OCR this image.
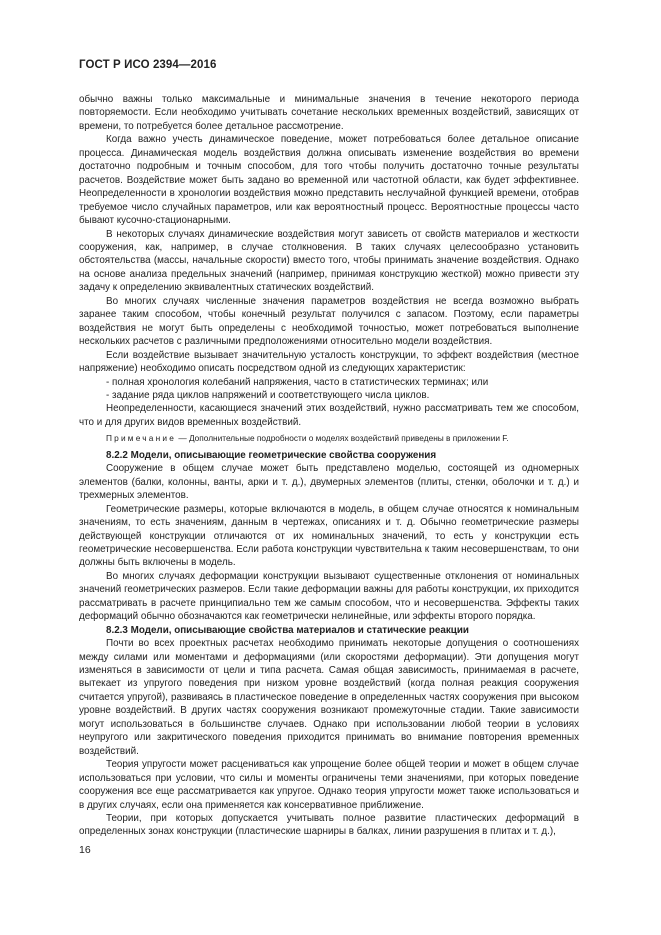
ГОСТ Р ИСО 2394—2016

обычно важны только максимальные и минимальные значения в течение некоторого периода повторяемости. Если необходимо учитывать сочетание нескольких временных воздействий, зависящих от времени, то потребуется более детальное рассмотрение.

Когда важно учесть динамическое поведение, может потребоваться более детальное описание процесса. Динамическая модель воздействия должна описывать изменение воздействия во времени достаточно подробным и точным способом, для того чтобы получить достаточно точные результаты расчетов. Воздействие может быть задано во временной или частотной области, как будет эффективнее. Неопределенности в хронологии воздействия можно представить неслучайной функцией времени, отобрав требуемое число случайных параметров, или как вероятностный процесс. Вероятностные процессы часто бывают кусочно-стационарными.

В некоторых случаях динамические воздействия могут зависеть от свойств материалов и жесткости сооружения, как, например, в случае столкновения. В таких случаях целесообразно установить обстоятельства (массы, начальные скорости) вместо того, чтобы принимать значение воздействия. Однако на основе анализа предельных значений (например, принимая конструкцию жесткой) можно привести эту задачу к определению эквивалентных статических воздействий.

Во многих случаях численные значения параметров воздействия не всегда возможно выбрать заранее таким способом, чтобы конечный результат получился с запасом. Поэтому, если параметры воздействия не могут быть определены с необходимой точностью, может потребоваться выполнение нескольких расчетов с различными предположениями относительно модели воздействия.

Если воздействие вызывает значительную усталость конструкции, то эффект воздействия (местное напряжение) необходимо описать посредством одной из следующих характеристик:

- полная хронология колебаний напряжения, часто в статистических терминах; или

- задание ряда циклов напряжений и соответствующего числа циклов.

Неопределенности, касающиеся значений этих воздействий, нужно рассматривать тем же способом, что и для других видов временных воздействий.

Примечание — Дополнительные подробности о моделях воздействий приведены в приложении F.

8.2.2 Модели, описывающие геометрические свойства сооружения

Сооружение в общем случае может быть представлено моделью, состоящей из одномерных элементов (балки, колонны, ванты, арки и т. д.), двумерных элементов (плиты, стенки, оболочки и т. д.) и трехмерных элементов.

Геометрические размеры, которые включаются в модель, в общем случае относятся к номинальным значениям, то есть значениям, данным в чертежах, описаниях и т. д. Обычно геометрические размеры действующей конструкции отличаются от их номинальных значений, то есть у конструкции есть геометрические несовершенства. Если работа конструкции чувствительна к таким несовершенствам, то они должны быть включены в модель.

Во многих случаях деформации конструкции вызывают существенные отклонения от номинальных значений геометрических размеров. Если такие деформации важны для работы конструкции, их приходится рассматривать в расчете принципиально тем же самым способом, что и несовершенства. Эффекты таких деформаций обычно обозначаются как геометрически нелинейные, или эффекты второго порядка.

8.2.3 Модели, описывающие свойства материалов и статические реакции

Почти во всех проектных расчетах необходимо принимать некоторые допущения о соотношениях между силами или моментами и деформациями (или скоростями деформации). Эти допущения могут изменяться в зависимости от цели и типа расчета. Самая общая зависимость, принимаемая в расчете, вытекает из упругого поведения при низком уровне воздействий (когда полная реакция сооружения считается упругой), развиваясь в пластическое поведение в определенных частях сооружения при высоком уровне воздействий. В других частях сооружения возникают промежуточные стадии. Такие зависимости могут использоваться в большинстве случаев. Однако при использовании любой теории в условиях неупругого или закритического поведения приходится принимать во внимание повторения временных воздействий.

Теория упругости может расцениваться как упрощение более общей теории и может в общем случае использоваться при условии, что силы и моменты ограничены теми значениями, при которых поведение сооружения все еще рассматривается как упругое. Однако теория упругости может также использоваться и в других случаях, если она применяется как консервативное приближение.

Теории, при которых допускается учитывать полное развитие пластических деформаций в определенных зонах конструкции (пластические шарниры в балках, линии разрушения в плитах и т. д.),

16
